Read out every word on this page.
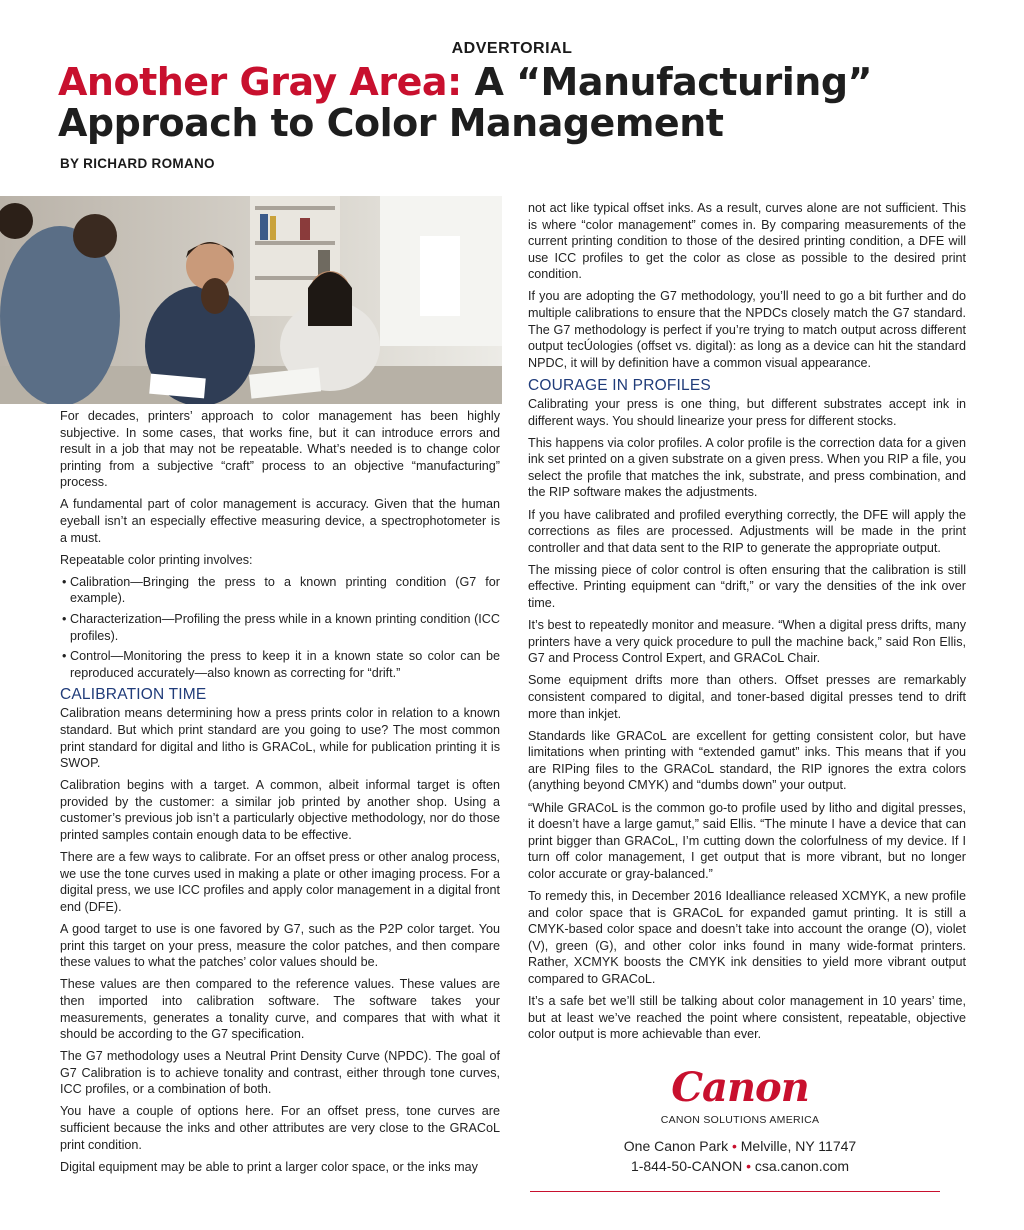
ADVERTORIAL
Another Gray Area: A “Manufacturing” Approach to Color Management
BY RICHARD ROMANO

For decades, printers’ approach to color management has been highly subjective. In some cases, that works fine, but it can introduce errors and result in a job that may not be repeatable. What’s needed is to change color printing from a subjective “craft” process to an objective “manufacturing” process.

A fundamental part of color management is accuracy. Given that the human eyeball isn’t an especially effective measuring device, a spectrophotometer is a must.

Repeatable color printing involves:

• Calibration—Bringing the press to a known printing condition (G7 for example).
• Characterization—Profiling the press while in a known printing condition (ICC profiles).
• Control—Monitoring the press to keep it in a known state so color can be reproduced accurately—also known as correcting for “drift.”
CALIBRATION TIME

Calibration means determining how a press prints color in relation to a known standard. But which print standard are you going to use? The most common print standard for digital and litho is GRACoL, while for publication printing it is SWOP.

Calibration begins with a target. A common, albeit informal target is often provided by the customer: a similar job printed by another shop. Using a customer’s previous job isn’t a particularly objective methodology, nor do those printed samples contain enough data to be effective.

There are a few ways to calibrate. For an offset press or other analog process, we use the tone curves used in making a plate or other imaging process. For a digital press, we use ICC profiles and apply color management in a digital front end (DFE).

A good target to use is one favored by G7, such as the P2P color target. You print this target on your press, measure the color patches, and then compare these values to what the patches’ color values should be.

These values are then compared to the reference values. These values are then imported into calibration software. The software takes your measurements, generates a tonality curve, and compares that with what it should be according to the G7 specification.

The G7 methodology uses a Neutral Print Density Curve (NPDC). The goal of G7 Calibration is to achieve tonality and contrast, either through tone curves, ICC profiles, or a combination of both.

You have a couple of options here. For an offset press, tone curves are sufficient because the inks and other attributes are very close to the GRACoL print condition.

Digital equipment may be able to print a larger color space, or the inks may

not act like typical offset inks. As a result, curves alone are not sufficient. This is where “color management” comes in. By comparing measurements of the current printing condition to those of the desired printing condition, a DFE will use ICC profiles to get the color as close as possible to the desired print condition.

If you are adopting the G7 methodology, you’ll need to go a bit further and do multiple calibrations to ensure that the NPDCs closely match the G7 standard. The G7 methodology is perfect if you’re trying to match output across different output tecÚologies (offset vs. digital): as long as a device can hit the standard NPDC, it will by definition have a common visual appearance.

COURAGE IN PROFILES

Calibrating your press is one thing, but different substrates accept ink in different ways. You should linearize your press for different stocks.

This happens via color profiles. A color profile is the correction data for a given ink set printed on a given substrate on a given press. When you RIP a file, you select the profile that matches the ink, substrate, and press combination, and the RIP software makes the adjustments.

If you have calibrated and profiled everything correctly, the DFE will apply the corrections as files are processed. Adjustments will be made in the print controller and that data sent to the RIP to generate the appropriate output.

The missing piece of color control is often ensuring that the calibration is still effective. Printing equipment can “drift,” or vary the densities of the ink over time.

It’s best to repeatedly monitor and measure. “When a digital press drifts, many printers have a very quick procedure to pull the machine back,” said Ron Ellis, G7 and Process Control Expert, and GRACoL Chair.

Some equipment drifts more than others. Offset presses are remarkably consistent compared to digital, and toner-based digital presses tend to drift more than inkjet.

Standards like GRACoL are excellent for getting consistent color, but have limitations when printing with “extended gamut” inks. This means that if you are RIPing files to the GRACoL standard, the RIP ignores the extra colors (anything beyond CMYK) and “dumbs down” your output.

“While GRACoL is the common go-to profile used by litho and digital presses, it doesn’t have a large gamut,” said Ellis. “The minute I have a device that can print bigger than GRACoL, I’m cutting down the colorfulness of my device. If I turn off color management, I get output that is more vibrant, but no longer color accurate or gray-balanced.”

To remedy this, in December 2016 Idealliance released XCMYK, a new profile and color space that is GRACoL for expanded gamut printing. It is still a CMYK-based color space and doesn’t take into account the orange (O), violet (V), green (G), and other color inks found in many wide-format printers. Rather, XCMYK boosts the CMYK ink densities to yield more vibrant output compared to GRACoL.

It’s a safe bet we’ll still be talking about color management in 10 years’ time, but at least we’ve reached the point where consistent, repeatable, objective color output is more achievable than ever.

Canon
CANON SOLUTIONS AMERICA
One Canon Park • Melville, NY 11747
1-844-50-CANON • csa.canon.com
